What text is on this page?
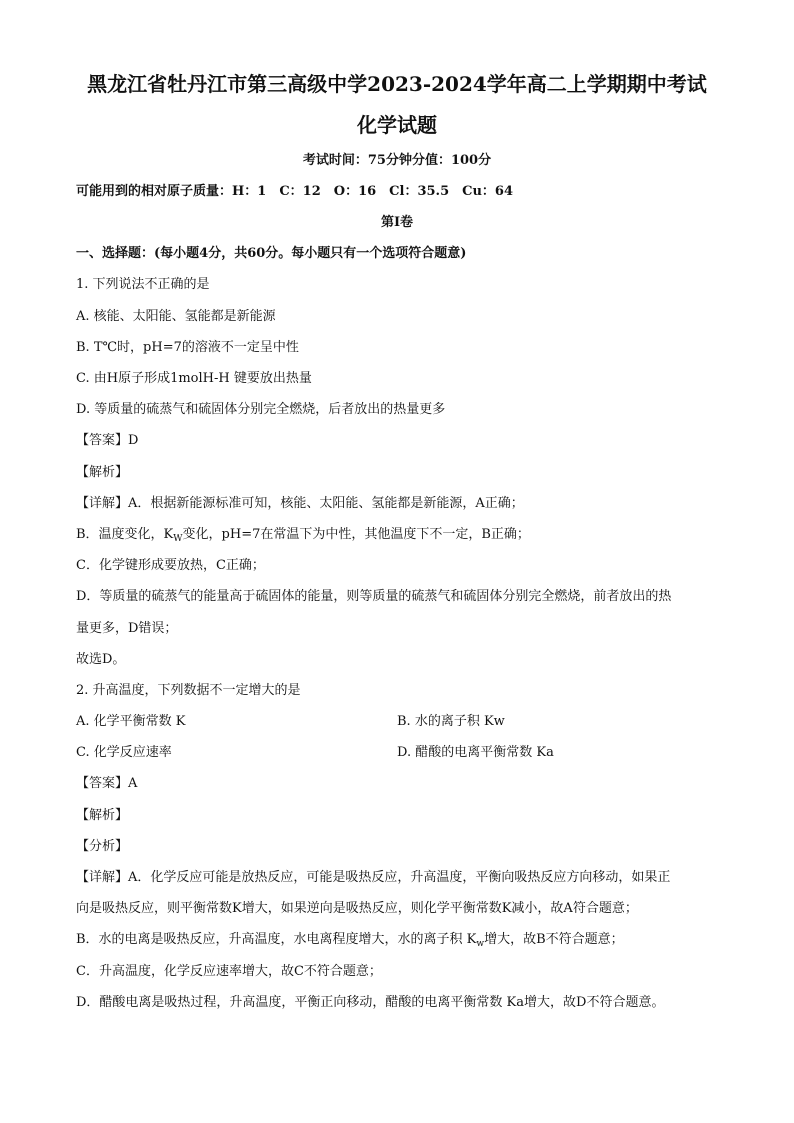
黑龙江省牡丹江市第三高级中学2023-2024学年高二上学期期中考试
化学试题
考试时间：75分钟分值：100分
可能用到的相对原子质量：H：1　C：12　O：16　Cl：35.5　Cu：64
第Ⅰ卷
一、选择题：(每小题4分，共60分。每小题只有一个选项符合题意)
1. 下列说法不正确的是
A. 核能、太阳能、氢能都是新能源
B. T℃时，pH=7的溶液不一定呈中性
C. 由H原子形成1molH-H 键要放出热量
D. 等质量的硫蒸气和硫固体分别完全燃烧，后者放出的热量更多
【答案】D
【解析】
【详解】A．根据新能源标准可知，核能、太阳能、氢能都是新能源，A正确；
B．温度变化，$K_W$变化，pH=7在常温下为中性，其他温度下不一定，B正确；
C．化学键形成要放热，C正确；
D．等质量的硫蒸气的能量高于硫固体的能量，则等质量的硫蒸气和硫固体分别完全燃烧，前者放出的热
量更多，D错误；
故选D。
2. 升高温度，下列数据不一定增大的是
A. 化学平衡常数 K	B. 水的离子积 Kw
C. 化学反应速率	D. 醋酸的电离平衡常数 Ka
【答案】A
【解析】
【分析】
【详解】A．化学反应可能是放热反应，可能是吸热反应，升高温度，平衡向吸热反应方向移动，如果正
向是吸热反应，则平衡常数K增大，如果逆向是吸热反应，则化学平衡常数K减小，故A符合题意；
B．水的电离是吸热反应，升高温度，水电离程度增大，水的离子积 $K_w$增大，故B不符合题意；
C．升高温度，化学反应速率增大，故C不符合题意；
D．醋酸电离是吸热过程，升高温度，平衡正向移动，醋酸的电离平衡常数 Ka增大，故D不符合题意。
